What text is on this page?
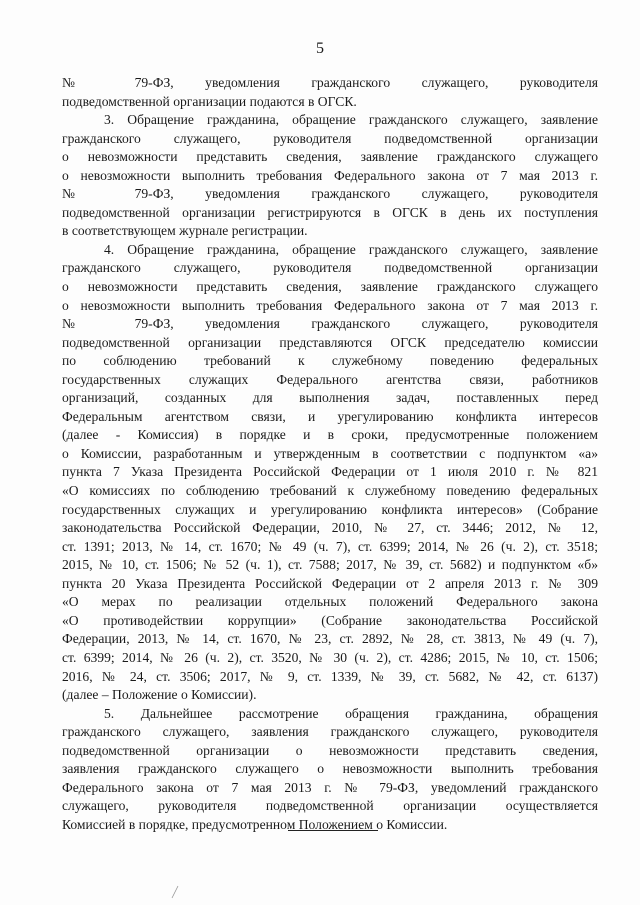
5
№ 79-ФЗ, уведомления гражданского служащего, руководителя
подведомственной организации подаются в ОГСК.
3. Обращение гражданина, обращение гражданского служащего, заявление
гражданского служащего, руководителя подведомственной организации
о невозможности представить сведения, заявление гражданского служащего
о невозможности выполнить требования Федерального закона от 7 мая 2013 г.
№ 79-ФЗ, уведомления гражданского служащего, руководителя
подведомственной организации регистрируются в ОГСК в день их поступления
в соответствующем журнале регистрации.
4. Обращение гражданина, обращение гражданского служащего, заявление
гражданского служащего, руководителя подведомственной организации
о невозможности представить сведения, заявление гражданского служащего
о невозможности выполнить требования Федерального закона от 7 мая 2013 г.
№ 79-ФЗ, уведомления гражданского служащего, руководителя
подведомственной организации представляются ОГСК председателю комиссии
по соблюдению требований к служебному поведению федеральных
государственных служащих Федерального агентства связи, работников
организаций, созданных для выполнения задач, поставленных перед
Федеральным агентством связи, и урегулированию конфликта интересов
(далее - Комиссия) в порядке и в сроки, предусмотренные положением
о Комиссии, разработанным и утвержденным в соответствии с подпунктом «а»
пункта 7 Указа Президента Российской Федерации от 1 июля 2010 г. № 821
«О комиссиях по соблюдению требований к служебному поведению федеральных
государственных служащих и урегулированию конфликта интересов» (Собрание
законодательства Российской Федерации, 2010, № 27, ст. 3446; 2012, № 12,
ст. 1391; 2013, № 14, ст. 1670; № 49 (ч. 7), ст. 6399; 2014, № 26 (ч. 2), ст. 3518;
2015, № 10, ст. 1506; № 52 (ч. 1), ст. 7588; 2017, № 39, ст. 5682) и подпунктом «б»
пункта 20 Указа Президента Российской Федерации от 2 апреля 2013 г. № 309
«О мерах по реализации отдельных положений Федерального закона
«О противодействии коррупции» (Собрание законодательства Российской
Федерации, 2013, № 14, ст. 1670, № 23, ст. 2892, № 28, ст. 3813, № 49 (ч. 7),
ст. 6399; 2014, № 26 (ч. 2), ст. 3520, № 30 (ч. 2), ст. 4286; 2015, № 10, ст. 1506;
2016, № 24, ст. 3506; 2017, № 9, ст. 1339, № 39, ст. 5682, № 42, ст. 6137)
(далее – Положение о Комиссии).
5. Дальнейшее рассмотрение обращения гражданина, обращения
гражданского служащего, заявления гражданского служащего, руководителя
подведомственной организации о невозможности представить сведения,
заявления гражданского служащего о невозможности выполнить требования
Федерального закона от 7 мая 2013 г. № 79-ФЗ, уведомлений гражданского
служащего, руководителя подведомственной организации осуществляется
Комиссией в порядке, предусмотренном Положением о Комиссии.
